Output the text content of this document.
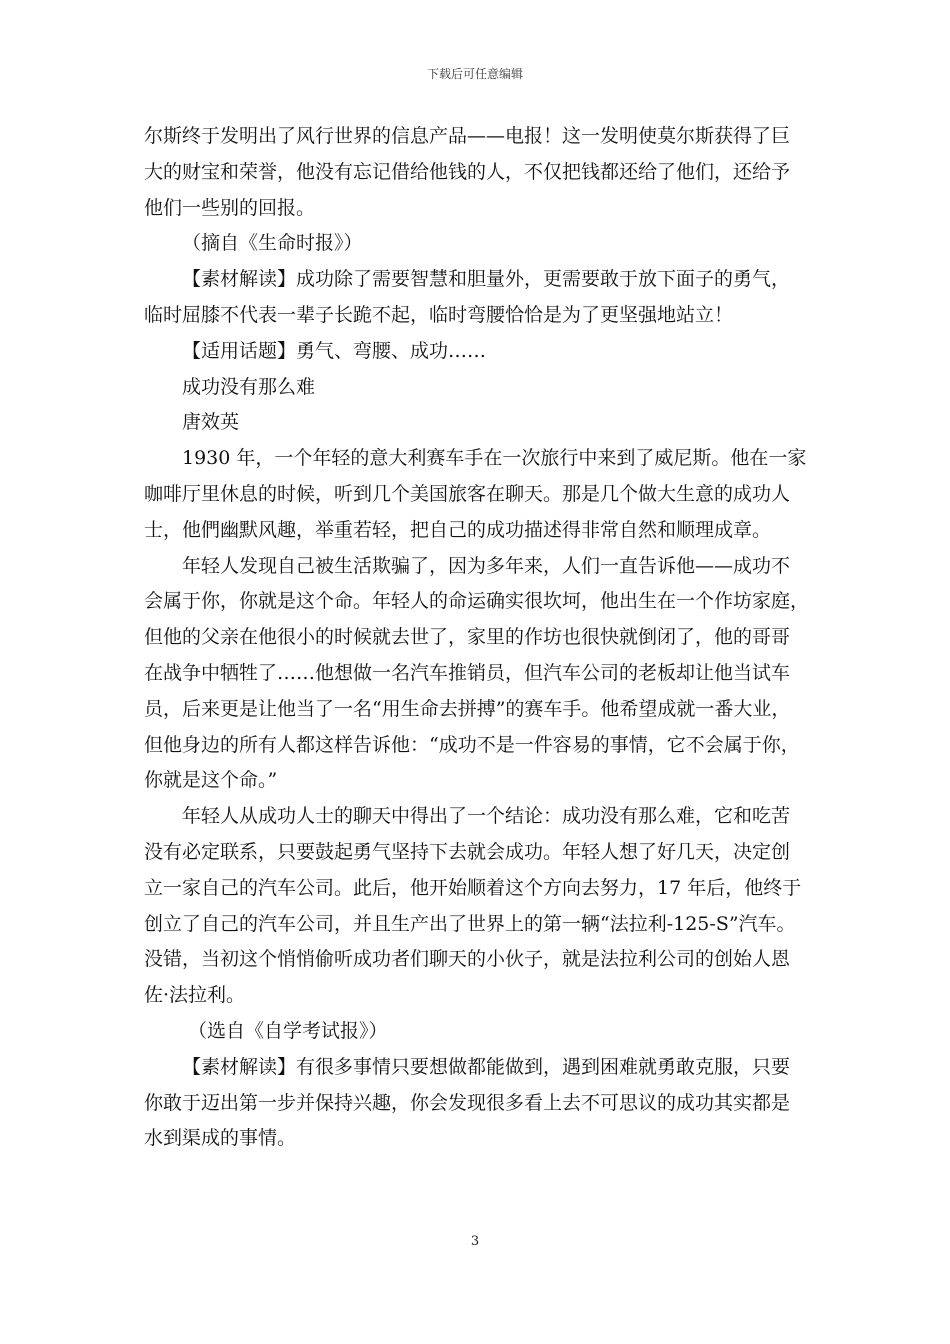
下载后可任意编辑
尔斯终于发明出了风行世界的信息产品——电报！这一发明使莫尔斯获得了巨
大的财宝和荣誉，他没有忘记借给他钱的人，不仅把钱都还给了他们，还给予
他们一些别的回报。
（摘自《生命时报》）
【素材解读】成功除了需要智慧和胆量外，更需要敢于放下面子的勇气，
临时屈膝不代表一辈子长跪不起，临时弯腰恰恰是为了更坚强地站立！
【适用话题】勇气、弯腰、成功……
成功没有那么难
唐效英
1930 年，一个年轻的意大利赛车手在一次旅行中来到了威尼斯。他在一家
咖啡厅里休息的时候，听到几个美国旅客在聊天。那是几个做大生意的成功人
士，他們幽默风趣，举重若轻，把自己的成功描述得非常自然和顺理成章。
年轻人发现自己被生活欺骗了，因为多年来，人们一直告诉他——成功不
会属于你，你就是这个命。年轻人的命运确实很坎坷，他出生在一个作坊家庭，
但他的父亲在他很小的时候就去世了，家里的作坊也很快就倒闭了，他的哥哥
在战争中牺牲了……他想做一名汽车推销员，但汽车公司的老板却让他当试车
员，后来更是让他当了一名“用生命去拼搏”的赛车手。他希望成就一番大业，
但他身边的所有人都这样告诉他：“成功不是一件容易的事情，它不会属于你，
你就是这个命。”
年轻人从成功人士的聊天中得出了一个结论：成功没有那么难，它和吃苦
没有必定联系，只要鼓起勇气坚持下去就会成功。年轻人想了好几天，决定创
立一家自己的汽车公司。此后，他开始顺着这个方向去努力，17 年后，他终于
创立了自己的汽车公司，并且生产出了世界上的第一辆“法拉利-125-S”汽车。
没错，当初这个悄悄偷听成功者们聊天的小伙子，就是法拉利公司的创始人恩
佐·法拉利。
（选自《自学考试报》）
【素材解读】有很多事情只要想做都能做到，遇到困难就勇敢克服，只要
你敢于迈出第一步并保持兴趣，你会发现很多看上去不可思议的成功其实都是
水到渠成的事情。
3
